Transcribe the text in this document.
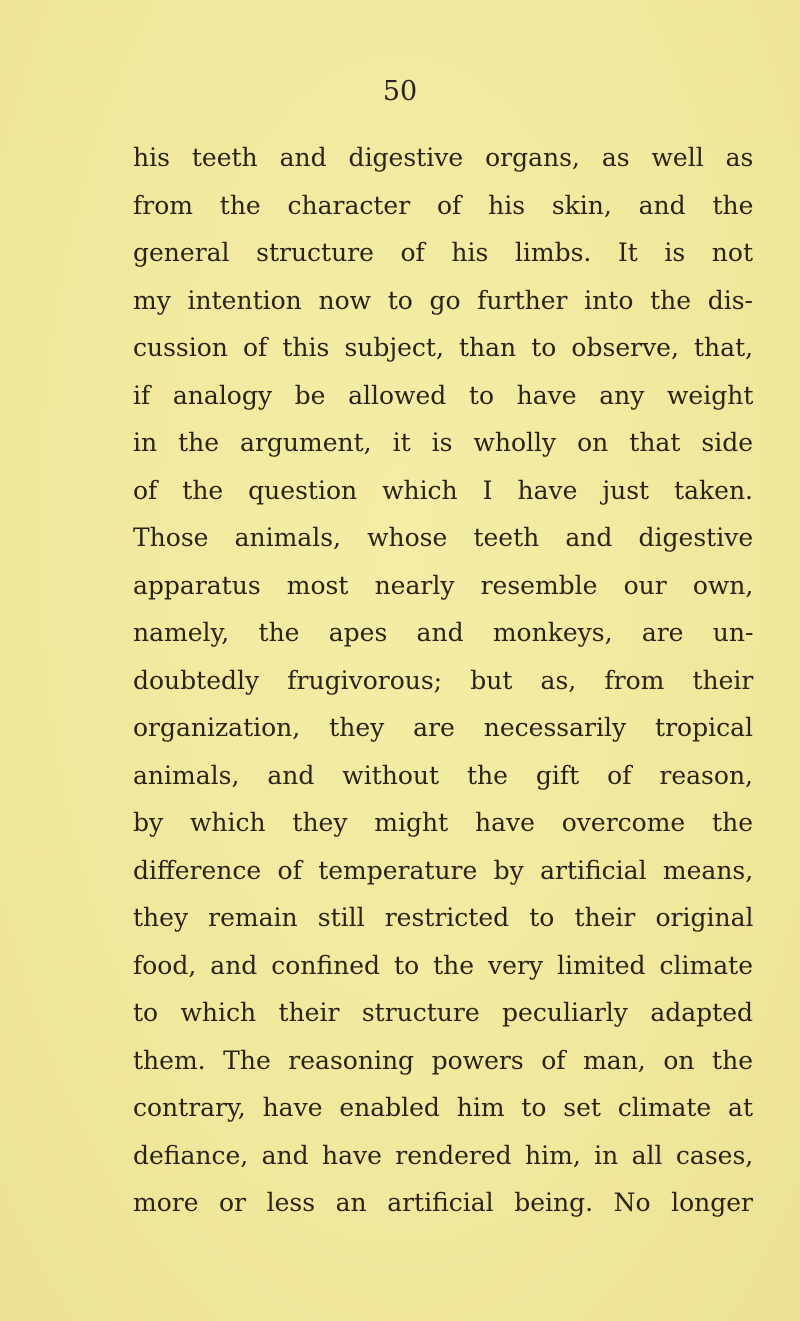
50
his teeth and digestive organs, as well as
from the character of his skin, and the
general structure of his limbs. It is not
my intention now to go further into the dis-
cussion of this subject, than to observe, that,
if analogy be allowed to have any weight
in the argument, it is wholly on that side
of the question which I have just taken.
Those animals, whose teeth and digestive
apparatus most nearly resemble our own,
namely, the apes and monkeys, are un-
doubtedly frugivorous; but as, from their
organization, they are necessarily tropical
animals, and without the gift of reason,
by which they might have overcome the
difference of temperature by artificial means,
they remain still restricted to their original
food, and confined to the very limited climate
to which their structure peculiarly adapted
them. The reasoning powers of man, on the
contrary, have enabled him to set climate at
defiance, and have rendered him, in all cases,
more or less an artificial being. No longer
